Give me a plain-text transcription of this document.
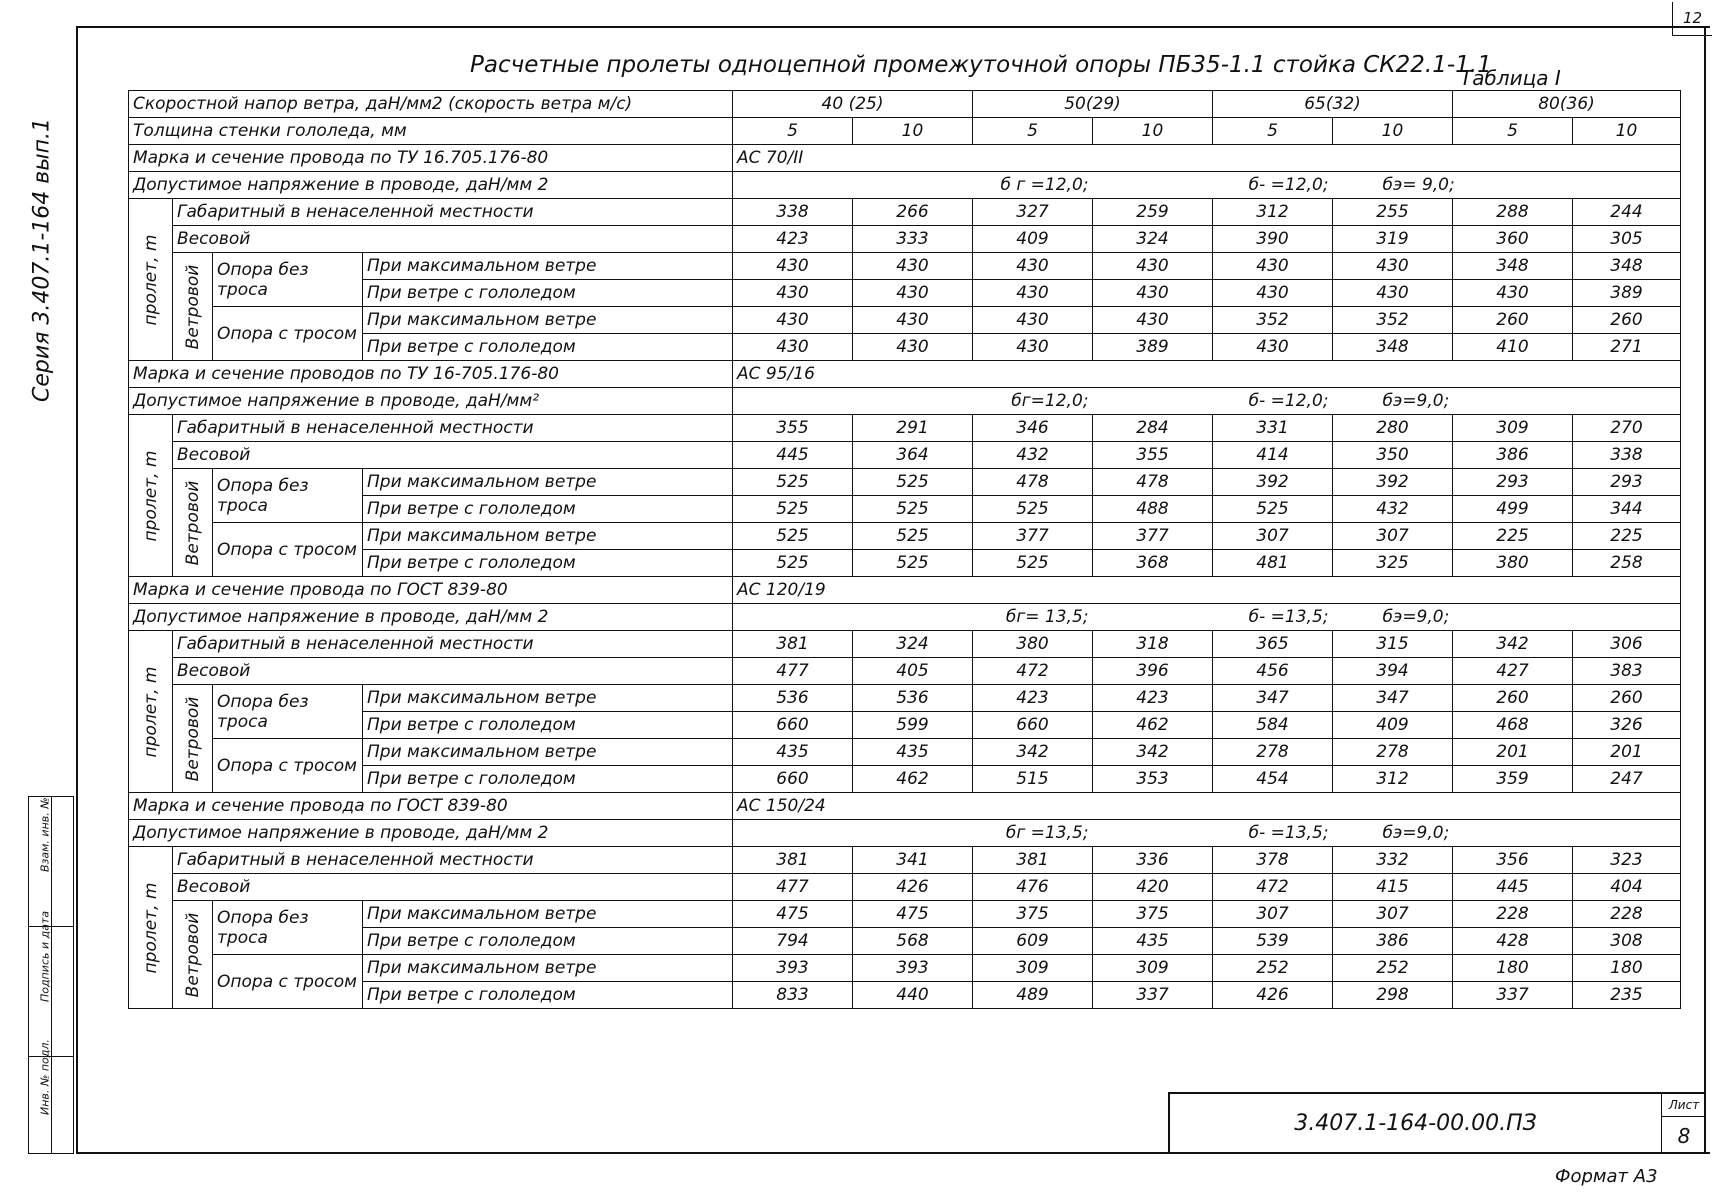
12
Серия 3.407.1-164 вып.1
Взам. инв. №
Подпись и дата
Инв. № подл.
Расчетные пролеты одноцепной промежуточной опоры ПБ35-1.1 стойка СК22.1-1.1
Таблица I
Скоростной напор ветра, даН/мм2 (скорость ветра м/с)				40 (25)		50(29)		65(32)		80(36)	
Толщина стенки гололеда, мм				5	10	5	10	5	10	5	10
Марка и сечение провода по ТУ 16.705.176-80				АС 70/II							
Допустимое напряжение в проводе, даН/мм 2				б г =12,0;			б- =12,0;		бэ= 9,0;		

пролет, m	Габаритный в ненаселенной местности			338	266	327	259	312	255	288	244
	Весовой			423	333	409	324	390	319	360	305

	Ветровой	Опора без троса	При максимальном ветре	430	430	430	430	430	430	348	348
			При ветре с гололедом	430	430	430	430	430	430	430	389
		Опора с тросом	При максимальном ветре	430	430	430	430	352	352	260	260
			При ветре с гололедом	430	430	430	389	430	348	410	271
Марка и сечение проводов по ТУ 16-705.176-80				АС 95/16							
Допустимое напряжение в проводе, даН/мм²				бг=12,0;			б- =12,0;		бэ=9,0;		

пролет, m	Габаритный в ненаселенной местности			355	291	346	284	331	280	309	270
	Весовой			445	364	432	355	414	350	386	338

	Ветровой	Опора без троса	При максимальном ветре	525	525	478	478	392	392	293	293
			При ветре с гололедом	525	525	525	488	525	432	499	344
		Опора с тросом	При максимальном ветре	525	525	377	377	307	307	225	225
			При ветре с гололедом	525	525	525	368	481	325	380	258
Марка и сечение провода по ГОСТ 839-80				АС 120/19							
Допустимое напряжение в проводе, даН/мм 2				бг= 13,5;			б- =13,5;		бэ=9,0;		

пролет, m	Габаритный в ненаселенной местности			381	324	380	318	365	315	342	306
	Весовой			477	405	472	396	456	394	427	383

	Ветровой	Опора без троса	При максимальном ветре	536	536	423	423	347	347	260	260
			При ветре с гололедом	660	599	660	462	584	409	468	326
		Опора с тросом	При максимальном ветре	435	435	342	342	278	278	201	201
			При ветре с гололедом	660	462	515	353	454	312	359	247
Марка и сечение провода по ГОСТ 839-80				АС 150/24							
Допустимое напряжение в проводе, даН/мм 2				бг =13,5;			б- =13,5;		бэ=9,0;		

пролет, m	Габаритный в ненаселенной местности			381	341	381	336	378	332	356	323
	Весовой			477	426	476	420	472	415	445	404

	Ветровой	Опора без троса	При максимальном ветре	475	475	375	375	307	307	228	228
			При ветре с гололедом	794	568	609	435	539	386	428	308
		Опора с тросом	При максимальном ветре	393	393	309	309	252	252	180	180
			При ветре с гололедом	833	440	489	337	426	298	337	235
3.407.1-164-00.00.ПЗ
Лист
8
Формат А3
